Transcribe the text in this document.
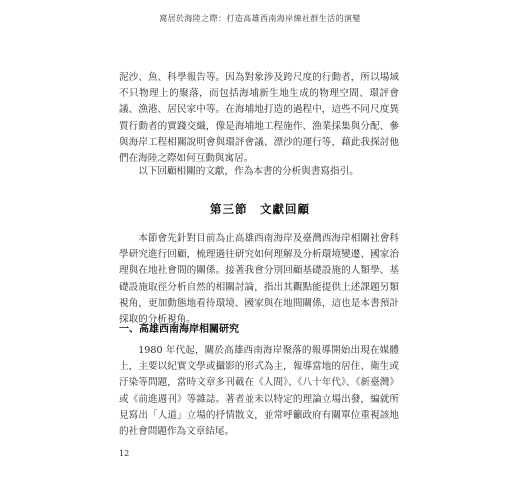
窩居於海陸之際：打造高雄西南海岸線社群生活的演變

泥沙、魚、科學報告等。因為對象涉及跨尺度的行動者，所以場域不只物理上的聚落，而包括海埔新生地生成的物理空間、環評會議、漁港、居民家中等。在海埔地打造的過程中，這些不同尺度異質行動者的實踐交織，像是海埔地工程施作、漁業採集與分配、參與海岸工程相關說明會與環評會議、漂沙的運行等，藉此我探討他們在海陸之際如何互動與寓居。

以下回顧相關的文獻，作為本書的分析與書寫指引。

第三節　文獻回顧

本節會先針對目前為止高雄西南海岸及臺灣西海岸相關社會科學研究進行回顧，梳理過往研究如何理解及分析環境變遷、國家治理與在地社會間的關係。接著我會分別回顧基礎設施的人類學、基礎設施取徑分析自然的相關討論，指出其觀點能提供上述課題另類視角，更加動態地看待環境、國家與在地間關係，這也是本書預計採取的分析視角。

一、高雄西南海岸相關研究

1980 年代起，關於高雄西南海岸聚落的報導開始出現在媒體上，主要以紀實文學或攝影的形式為主，報導當地的居住、衛生或汙染等問題，當時文章多刊載在《人間》、《八十年代》、《新臺灣》或《前進週刊》等雜誌。著者並未以特定的理論立場出發，編就所見寫出「人道」立場的抒情散文，並常呼籲政府有關單位重視該地的社會問題作為文章結尾。

12
